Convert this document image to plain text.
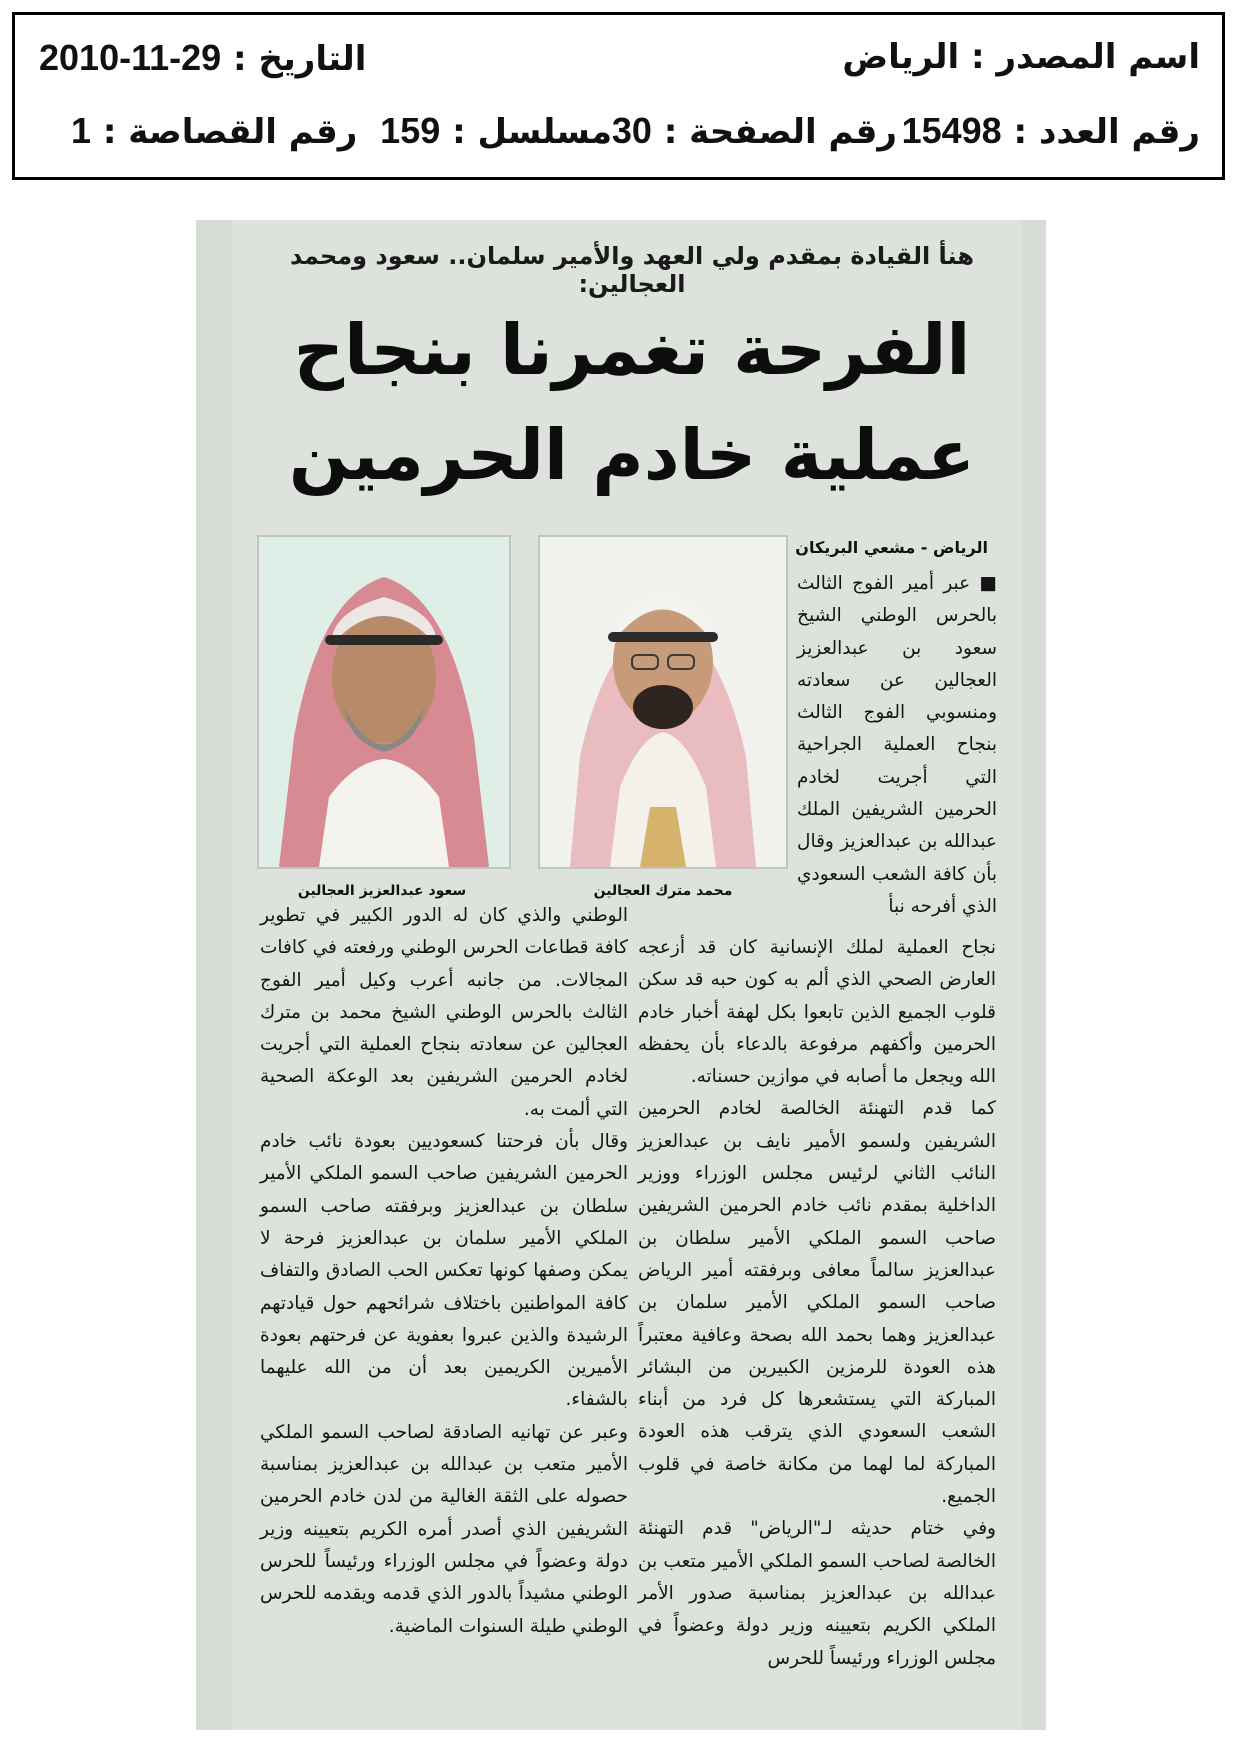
اسم المصدر : الرياض
التاريخ : 29-11-2010
رقم العدد : 15498
رقم الصفحة : 30
مسلسل : 159
رقم القصاصة : 1
هنأ القيادة بمقدم ولي العهد والأمير سلمان.. سعود ومحمد العجالين:
الفرحة تغمرنا بنجاح
عملية خادم الحرمين
الرياض - مشعي البريكان
محمد مترك العجالين
سعود عبدالعزيز العجالين

■ عبر أمير الفوج الثالث بالحرس الوطني الشيخ سعود بن عبدالعزيز العجالين عن سعادته ومنسوبي الفوج الثالث بنجاح العملية الجراحية التي أجريت لخادم الحرمين الشريفين الملك عبدالله بن عبدالعزيز وقال بأن كافة الشعب السعودي الذي أفرحه نبأ

نجاح العملية لملك الإنسانية كان قد أزعجه العارض الصحي الذي ألم به كون حبه قد سكن قلوب الجميع الذين تابعوا بكل لهفة أخبار خادم الحرمين وأكفهم مرفوعة بالدعاء بأن يحفظه الله ويجعل ما أصابه في موازين حسناته.

كما قدم التهنئة الخالصة لخادم الحرمين الشريفين ولسمو الأمير نايف بن عبدالعزيز النائب الثاني لرئيس مجلس الوزراء ووزير الداخلية بمقدم نائب خادم الحرمين الشريفين صاحب السمو الملكي الأمير سلطان بن عبدالعزيز سالماً معافى وبرفقته أمير الرياض صاحب السمو الملكي الأمير سلمان بن عبدالعزيز وهما بحمد الله بصحة وعافية معتبراً هذه العودة للرمزين الكبيرين من البشائر المباركة التي يستشعرها كل فرد من أبناء الشعب السعودي الذي يترقب هذه العودة المباركة لما لهما من مكانة خاصة في قلوب الجميع.

وفي ختام حديثه لـ"الرياض" قدم التهنئة الخالصة لصاحب السمو الملكي الأمير متعب بن عبدالله بن عبدالعزيز بمناسبة صدور الأمر الملكي الكريم بتعيينه وزير دولة وعضواً في مجلس الوزراء ورئيساً للحرس

الوطني والذي كان له الدور الكبير في تطوير كافة قطاعات الحرس الوطني ورفعته في كافات المجالات. من جانبه أعرب وكيل أمير الفوج الثالث بالحرس الوطني الشيخ محمد بن مترك العجالين عن سعادته بنجاح العملية التي أجريت لخادم الحرمين الشريفين بعد الوعكة الصحية التي ألمت به.

وقال بأن فرحتنا كسعوديين بعودة نائب خادم الحرمين الشريفين صاحب السمو الملكي الأمير سلطان بن عبدالعزيز وبرفقته صاحب السمو الملكي الأمير سلمان بن عبدالعزيز فرحة لا يمكن وصفها كونها تعكس الحب الصادق والتفاف كافة المواطنين باختلاف شرائحهم حول قيادتهم الرشيدة والذين عبروا بعفوية عن فرحتهم بعودة الأميرين الكريمين بعد أن من الله عليهما بالشفاء.

وعبر عن تهانيه الصادقة لصاحب السمو الملكي الأمير متعب بن عبدالله بن عبدالعزيز بمناسبة حصوله على الثقة الغالية من لدن خادم الحرمين الشريفين الذي أصدر أمره الكريم بتعيينه وزير دولة وعضواً في مجلس الوزراء ورئيساً للحرس الوطني مشيداً بالدور الذي قدمه ويقدمه للحرس الوطني طيلة السنوات الماضية.
